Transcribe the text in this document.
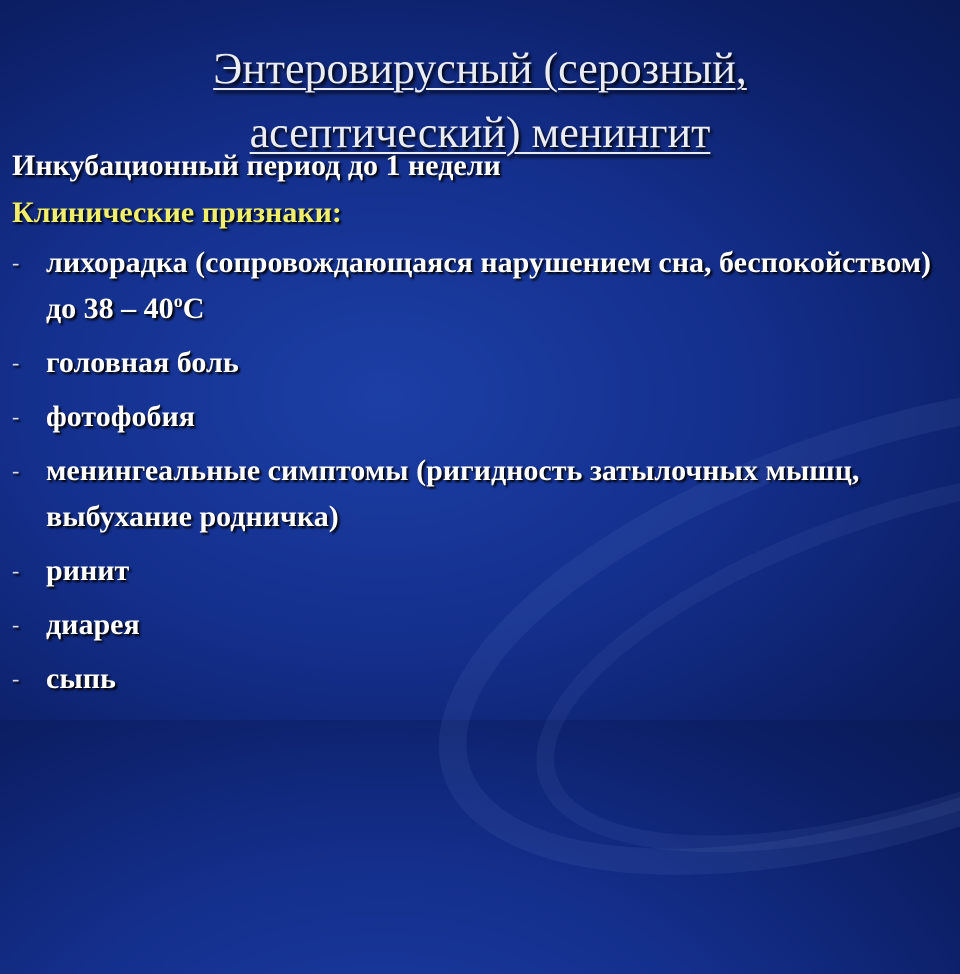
Энтеровирусный (серозный,
асептический) менингит
Инкубационный период до 1 недели
Клинические признаки:
- лихорадка (сопровождающаяся нарушением сна, беспокойством) до $38 - 40^оС$
- головная боль
- фотофобия
- менингеальные симптомы (ригидность затылочных мышц, выбухание родничка)
- ринит
- диарея
- сыпь
